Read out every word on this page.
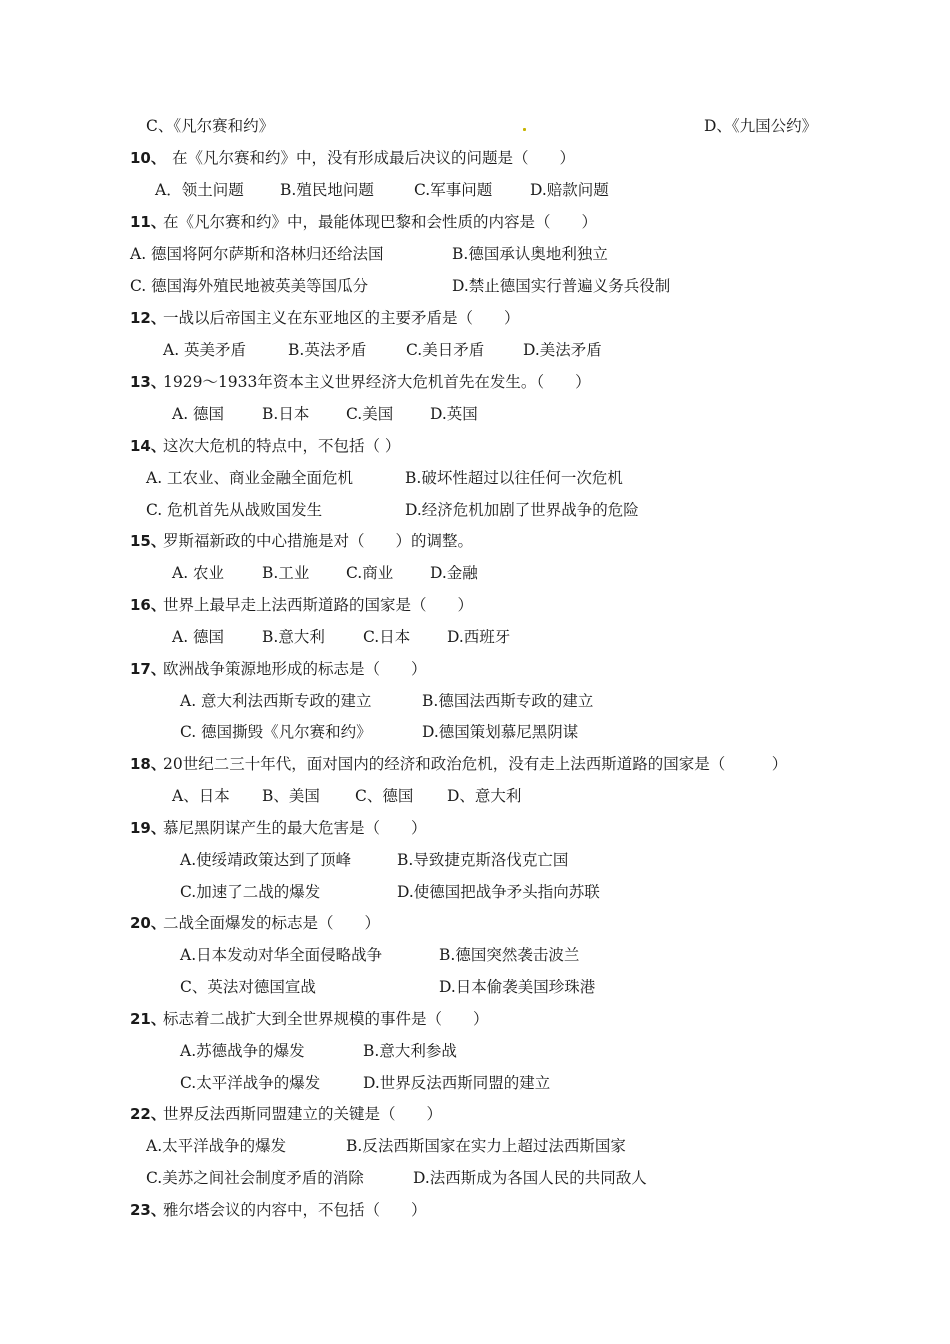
C、《凡尔赛和约》	D、《九国公约》
10、 在《凡尔赛和约》中，没有形成最后决议的问题是（　　）
A．领土问题 B.殖民地问题	C.军事问题 D.赔款问题
11、
在《凡尔赛和约》中，最能体现巴黎和会性质的内容是（　　）
A. 德国将阿尔萨斯和洛林归还给法国	B.德国承认奥地利独立
C. 德国海外殖民地被英美等国瓜分	D.禁止德国实行普遍义务兵役制
12、
一战以后帝国主义在东亚地区的主要矛盾是（　　）
A. 英美矛盾	B.英法矛盾	C.美日矛盾	D.美法矛盾
13、
1929～1933年资本主义世界经济大危机首先在发生。（　　）
A. 德国 B.日本 C.美国 D.英国
14、
这次大危机的特点中，不包括（ ）
A. 工农业、商业金融全面危机	B.破坏性超过以往任何一次危机
C. 危机首先从战败国发生	D.经济危机加剧了世界战争的危险
15、
罗斯福新政的中心措施是对（　　）的调整。
A. 农业 B.工业 C.商业 D.金融
16、
世界上最早走上法西斯道路的国家是（　　）
A. 德国 B.意大利 C.日本 D.西班牙
17、
欧洲战争策源地形成的标志是（　　）
A. 意大利法西斯专政的建立	B.德国法西斯专政的建立
C. 德国撕毁《凡尔赛和约》	D.德国策划慕尼黑阴谋
18、
20世纪二三十年代，面对国内的经济和政治危机，没有走上法西斯道路的国家是（　　　）
A、日本 B、美国 C、德国 D、意大利
19、
慕尼黑阴谋产生的最大危害是（　　）
A.使绥靖政策达到了顶峰	B.导致捷克斯洛伐克亡国
C.加速了二战的爆发	D.使德国把战争矛头指向苏联
20、
二战全面爆发的标志是（　　）
A.日本发动对华全面侵略战争	B.德国突然袭击波兰
C、英法对德国宣战	D.日本偷袭美国珍珠港
21、
标志着二战扩大到全世界规模的事件是（　　）
A.苏德战争的爆发	B.意大利参战
C.太平洋战争的爆发	D.世界反法西斯同盟的建立
22、
世界反法西斯同盟建立的关键是（　　）
A.太平洋战争的爆发	B.反法西斯国家在实力上超过法西斯国家
C.美苏之间社会制度矛盾的消除	D.法西斯成为各国人民的共同敌人
23、
雅尔塔会议的内容中，不包括（　　）
